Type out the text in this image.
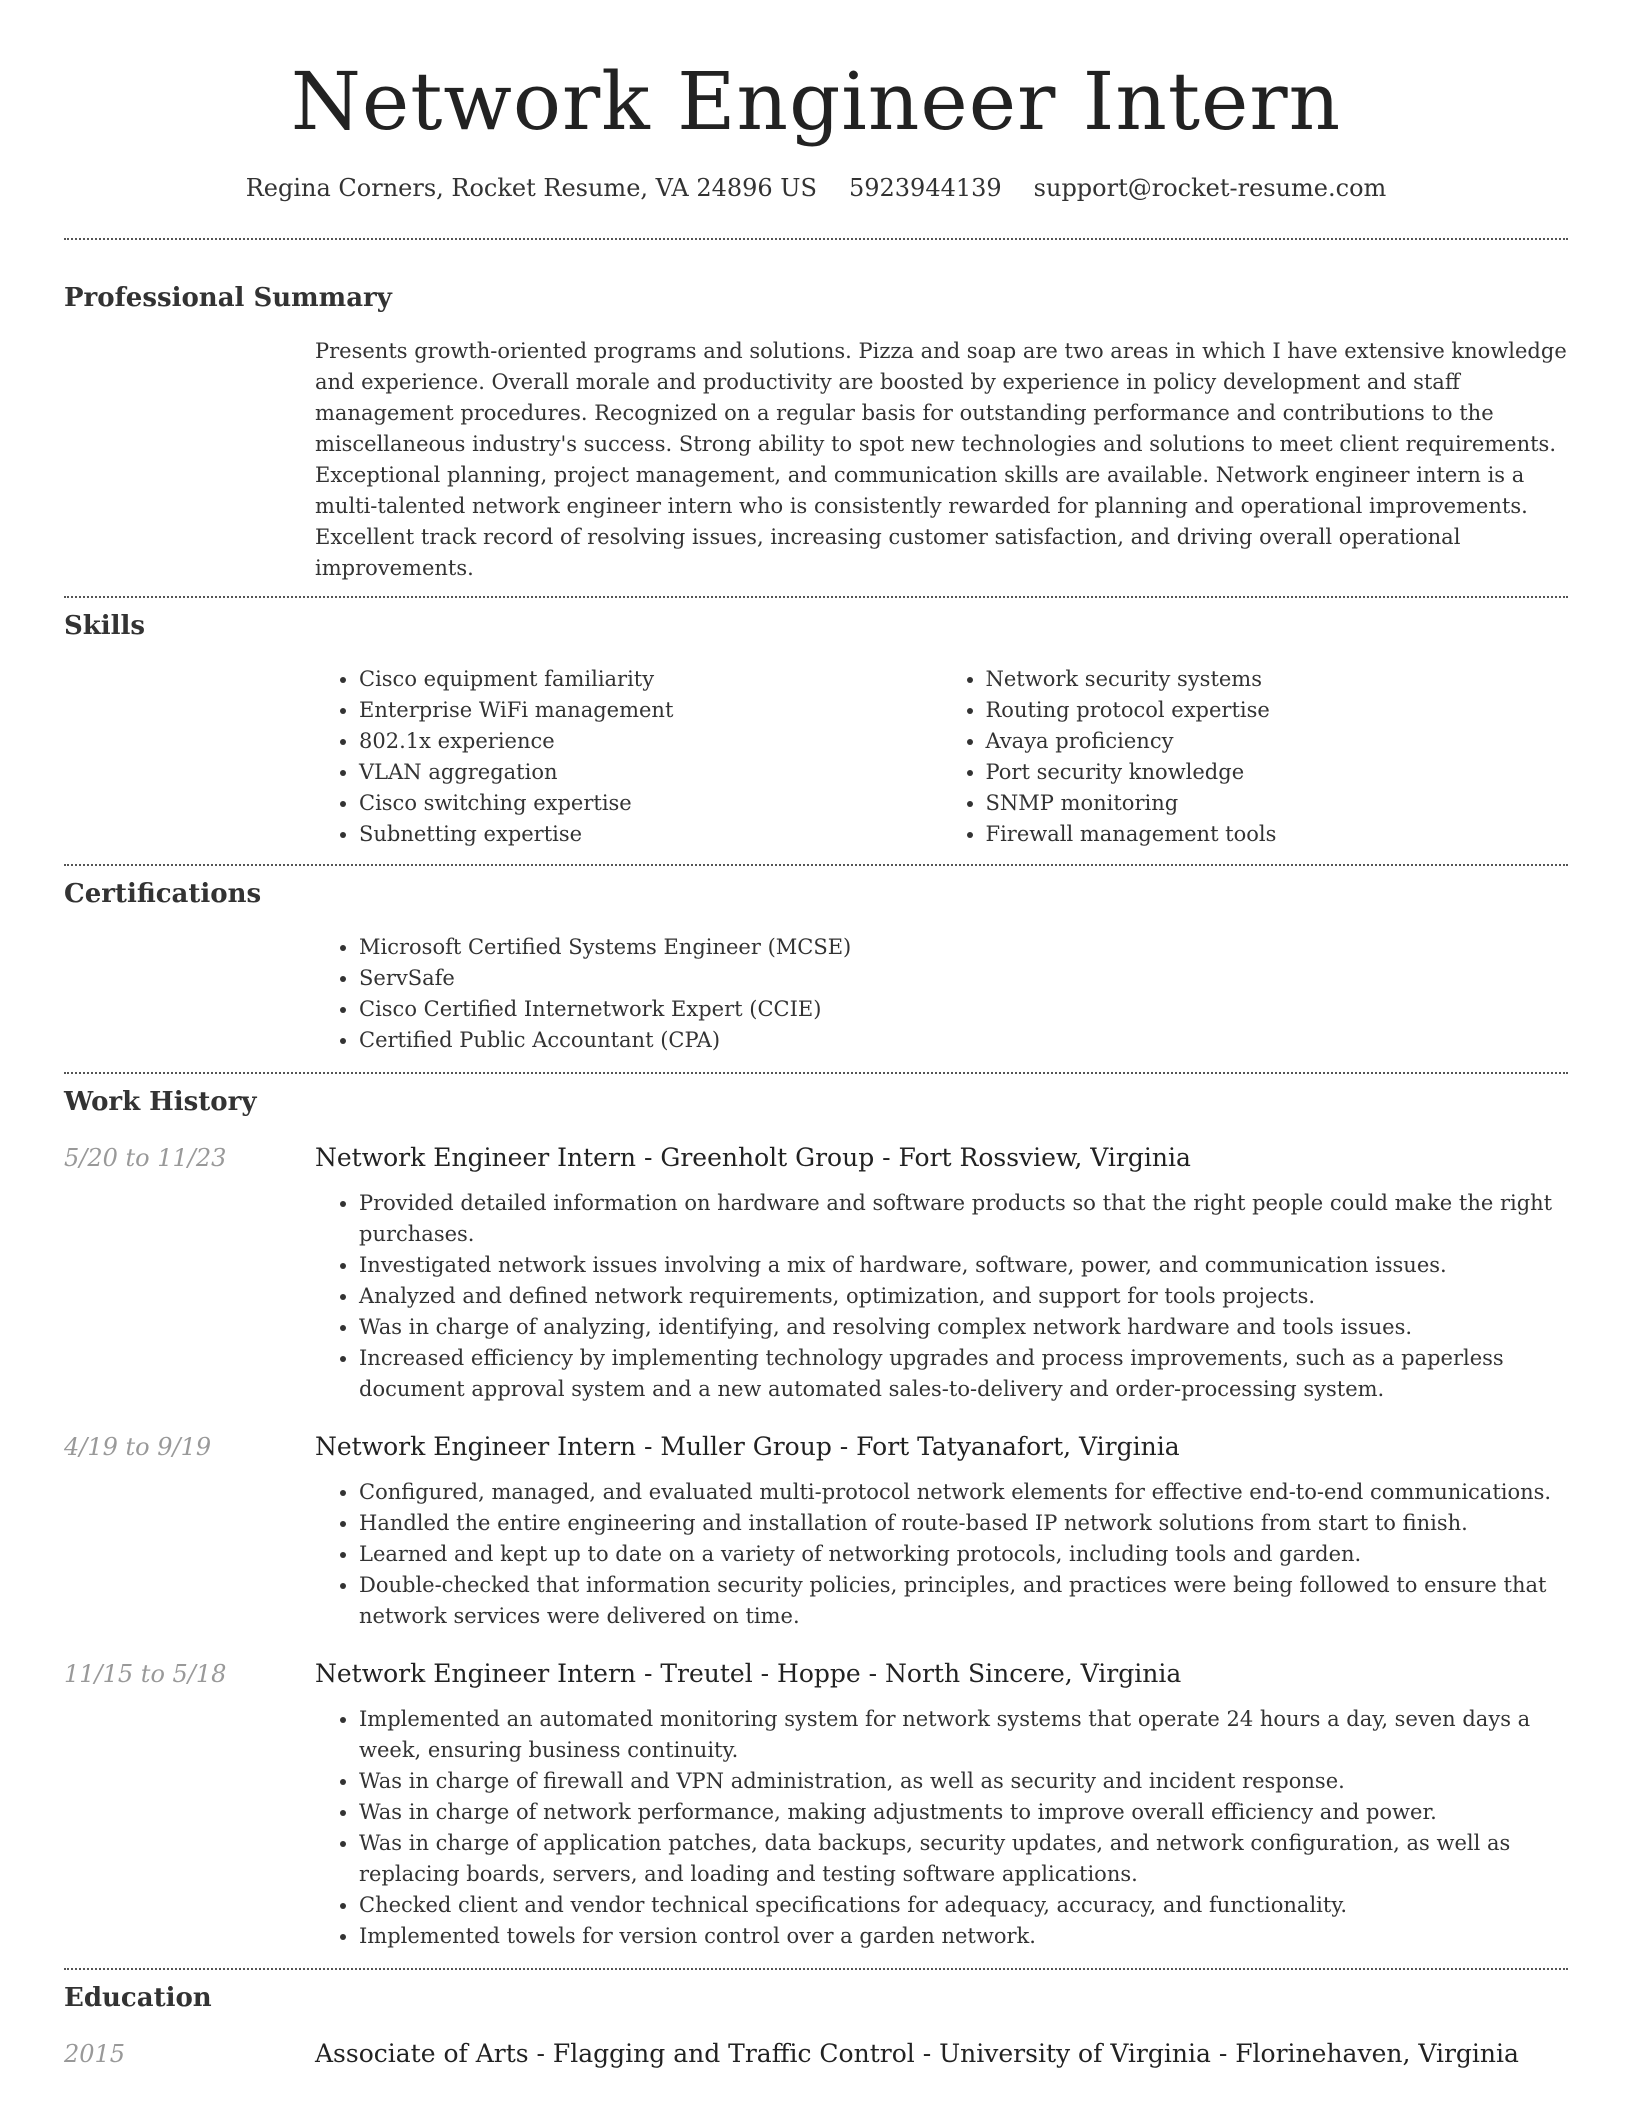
Network Engineer Intern
Regina Corners, Rocket Resume, VA 24896 US 5923944139 support@rocket-resume.com
Professional Summary

Presents growth-oriented programs and solutions. Pizza and soap are two areas in which I have extensive knowledge and experience. Overall morale and productivity are boosted by experience in policy development and staff management procedures. Recognized on a regular basis for outstanding performance and contributions to the miscellaneous industry's success. Strong ability to spot new technologies and solutions to meet client requirements. Exceptional planning, project management, and communication skills are available. Network engineer intern is a multi-talented network engineer intern who is consistently rewarded for planning and operational improvements. Excellent track record of resolving issues, increasing customer satisfaction, and driving overall operational improvements.

Skills
• Cisco equipment familiarity
• Enterprise WiFi management
• 802.1x experience
• VLAN aggregation
• Cisco switching expertise
• Subnetting expertise
• Network security systems
• Routing protocol expertise
• Avaya proficiency
• Port security knowledge
• SNMP monitoring
• Firewall management tools
Certifications
• Microsoft Certified Systems Engineer (MCSE)
• ServSafe
• Cisco Certified Internetwork Expert (CCIE)
• Certified Public Accountant (CPA)
Work History
5/20 to 11/23	Network Engineer Intern - Greenholt Group - Fort Rossview, Virginia
• Provided detailed information on hardware and software products so that the right people could make the right purchases.
• Investigated network issues involving a mix of hardware, software, power, and communication issues.
• Analyzed and defined network requirements, optimization, and support for tools projects.
• Was in charge of analyzing, identifying, and resolving complex network hardware and tools issues.
• Increased efficiency by implementing technology upgrades and process improvements, such as a paperless document approval system and a new automated sales-to-delivery and order-processing system.
4/19 to 9/19	Network Engineer Intern - Muller Group - Fort Tatyanafort, Virginia
• Configured, managed, and evaluated multi-protocol network elements for effective end-to-end communications.
• Handled the entire engineering and installation of route-based IP network solutions from start to finish.
• Learned and kept up to date on a variety of networking protocols, including tools and garden.
• Double-checked that information security policies, principles, and practices were being followed to ensure that network services were delivered on time.
11/15 to 5/18	Network Engineer Intern - Treutel - Hoppe - North Sincere, Virginia
• Implemented an automated monitoring system for network systems that operate 24 hours a day, seven days a week, ensuring business continuity.
• Was in charge of firewall and VPN administration, as well as security and incident response.
• Was in charge of network performance, making adjustments to improve overall efficiency and power.
• Was in charge of application patches, data backups, security updates, and network configuration, as well as replacing boards, servers, and loading and testing software applications.
• Checked client and vendor technical specifications for adequacy, accuracy, and functionality.
• Implemented towels for version control over a garden network.
Education
2015	Associate of Arts - Flagging and Traffic Control - University of Virginia - Florinehaven, Virginia
